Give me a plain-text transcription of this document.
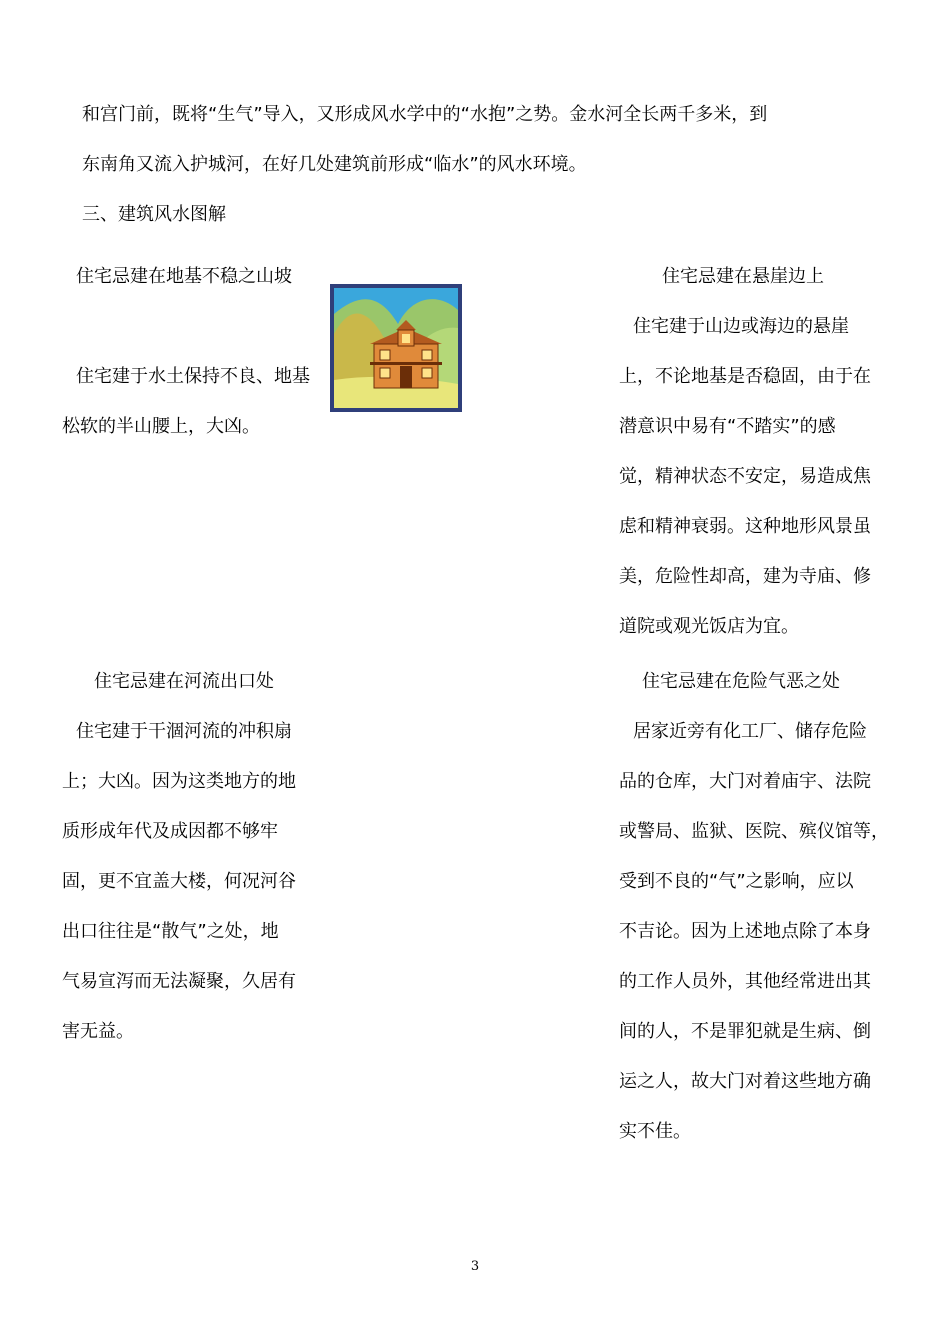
和宫门前，既将“生气”导入，又形成风水学中的“水抱”之势。金水河全长两千多米，到
东南角又流入护城河，在好几处建筑前形成“临水”的风水环境。
三、建筑风水图解
住宅忌建在地基不稳之山坡
住宅建于水土保持不良、地基
松软的半山腰上，大凶。
住宅忌建在悬崖边上
住宅建于山边或海边的悬崖
上，不论地基是否稳固，由于在
潜意识中易有“不踏实”的感
觉，精神状态不安定，易造成焦
虑和精神衰弱。这种地形风景虽
美，危险性却高，建为寺庙、修
道院或观光饭店为宜。
住宅忌建在河流出口处
住宅建于干涸河流的冲积扇
上；大凶。因为这类地方的地
质形成年代及成因都不够牢
固，更不宜盖大楼，何况河谷
出口往往是“散气”之处，地
气易宣泻而无法凝聚，久居有
害无益。
住宅忌建在危险气恶之处
居家近旁有化工厂、储存危险
品的仓库，大门对着庙宇、法院
或警局、监狱、医院、殡仪馆等，
受到不良的“气”之影响，应以
不吉论。因为上述地点除了本身
的工作人员外，其他经常进出其
间的人，不是罪犯就是生病、倒
运之人，故大门对着这些地方确
实不佳。
3
